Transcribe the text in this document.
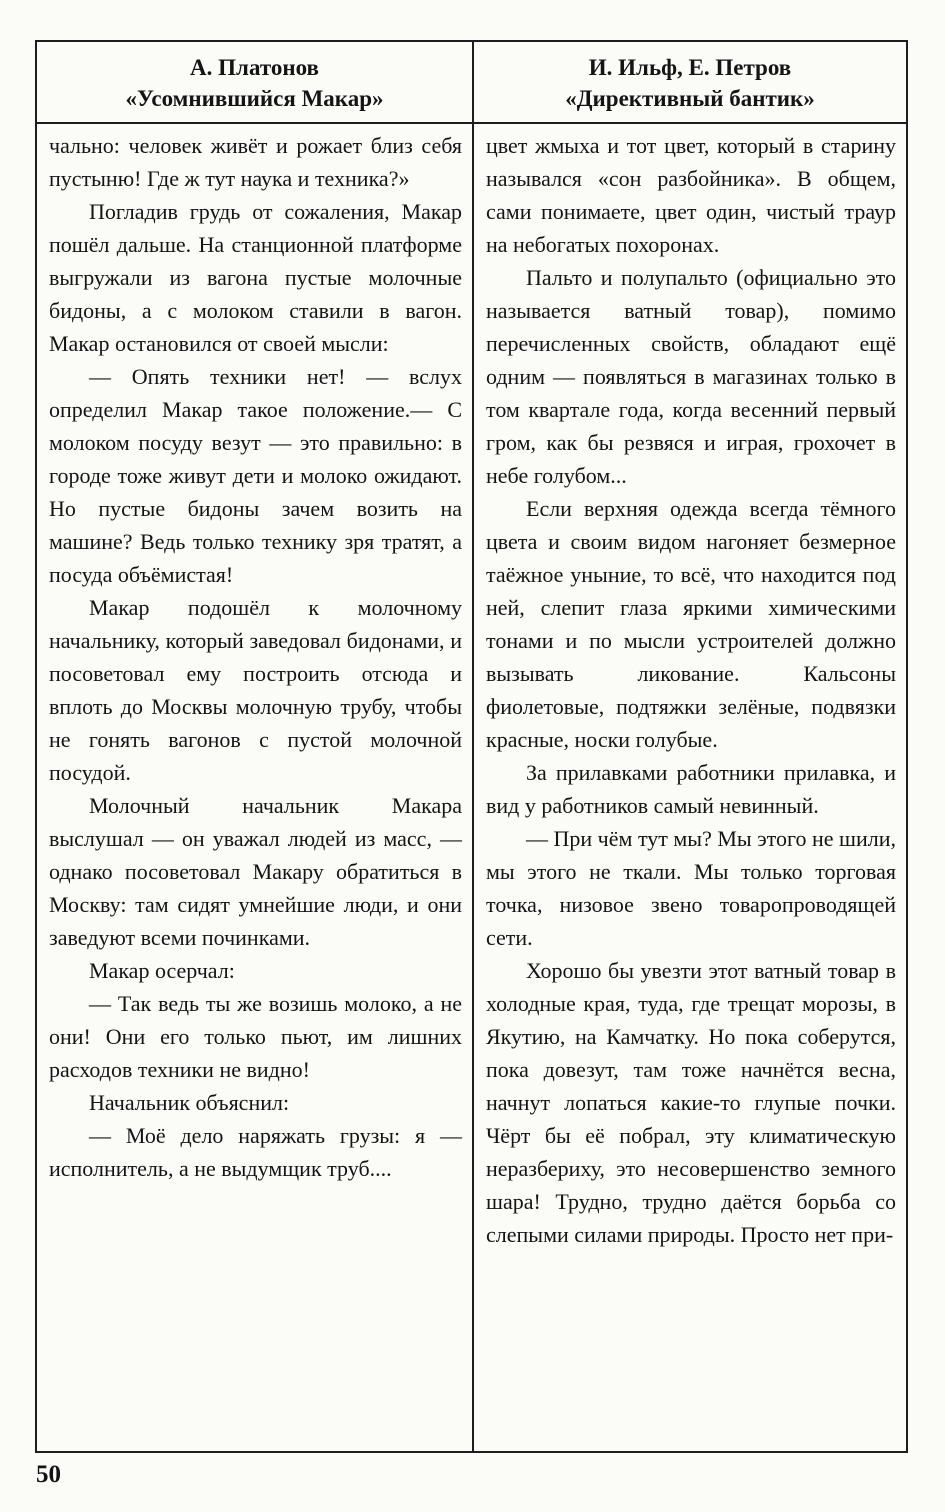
А. Платонов
«Усомнившийся Макар»
И. Ильф, Е. Петров
«Директивный бантик»

чально: человек живёт и рожает близ себя пустыню! Где ж тут наука и техника?»

Погладив грудь от сожаления, Макар пошёл дальше. На станционной платформе выгружали из вагона пустые молочные бидоны, а с молоком ставили в вагон. Макар остановился от своей мысли:

— Опять техники нет! — вслух определил Макар такое положение.— С молоком посуду везут — это правильно: в городе тоже живут дети и молоко ожидают. Но пустые бидоны зачем возить на машине? Ведь только технику зря тратят, а посуда объёмистая!

Макар подошёл к молочному начальнику, который заведовал бидонами, и посоветовал ему построить отсюда и вплоть до Москвы молочную трубу, чтобы не гонять вагонов с пустой молочной посудой.

Молочный начальник Макара выслушал — он уважал людей из масс, — однако посоветовал Макару обратиться в Москву: там сидят умнейшие люди, и они заведуют всеми починками.

Макар осерчал:

— Так ведь ты же возишь молоко, а не они! Они его только пьют, им лишних расходов техники не видно!

Начальник объяснил:

— Моё дело наряжать грузы: я — исполнитель, а не выдумщик труб....

цвет жмыха и тот цвет, который в старину назывался «сон разбойника». В общем, сами понимаете, цвет один, чистый траур на небогатых похоронах.

Пальто и полупальто (официально это называется ватный товар), помимо перечисленных свойств, обладают ещё одним — появляться в магазинах только в том квартале года, когда весенний первый гром, как бы резвяся и играя, грохочет в небе голубом...

Если верхняя одежда всегда тёмного цвета и своим видом нагоняет безмерное таёжное уныние, то всё, что находится под ней, слепит глаза яркими химическими тонами и по мысли устроителей должно вызывать ликование. Кальсоны фиолетовые, подтяжки зелёные, подвязки красные, носки голубые.

За прилавками работники прилавка, и вид у работников самый невинный.

— При чём тут мы? Мы этого не шили, мы этого не ткали. Мы только торговая точка, низовое звено товаропроводящей сети.

Хорошо бы увезти этот ватный товар в холодные края, туда, где трещат морозы, в Якутию, на Камчатку. Но пока соберутся, пока довезут, там тоже начнётся весна, начнут лопаться какие-то глупые почки. Чёрт бы её побрал, эту климатическую неразбериху, это несовершенство земного шара! Трудно, трудно даётся борьба со слепыми силами природы. Просто нет при-

50
